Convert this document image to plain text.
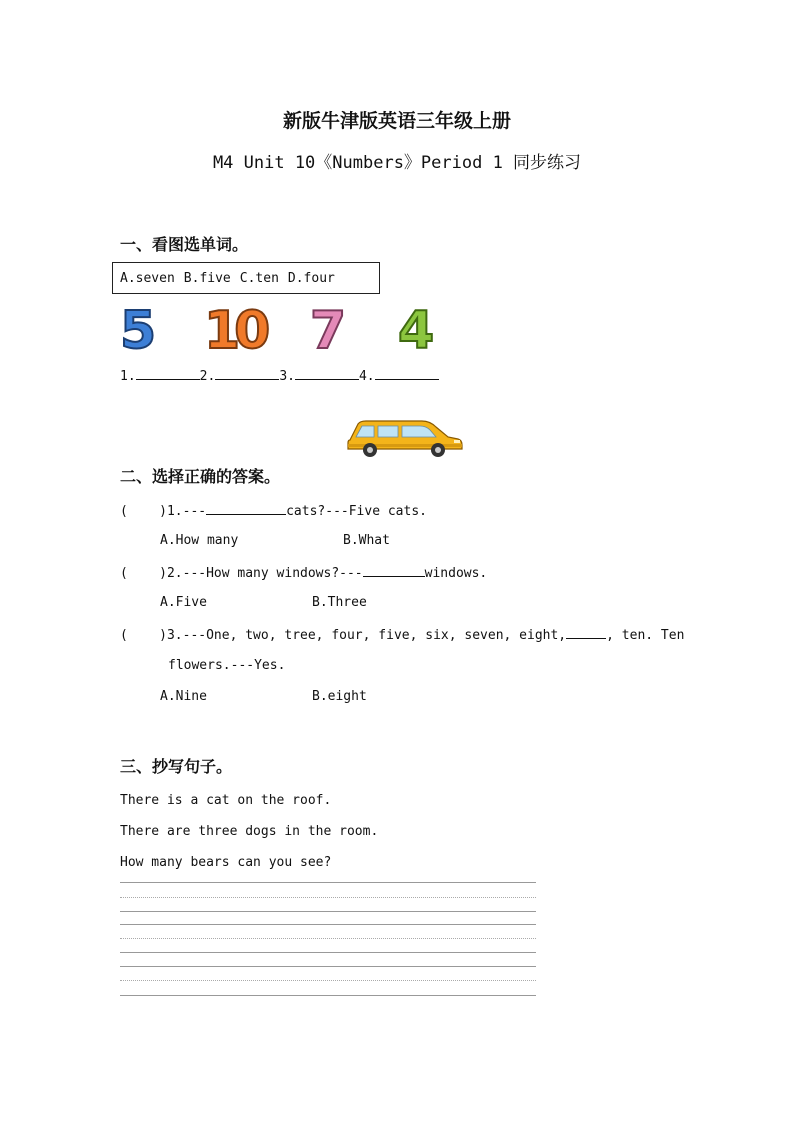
新版牛津版英语三年级上册
M4 Unit 10《Numbers》Period 1 同步练习
一、看图选单词。
A.seven B.five C.ten D.four
5 10 7 4
1.	2.	3.	4.
二、选择正确的答案。
(    )1.---	cats?---Five cats.
A.How many	B.What
(    )2.---How many windows?---	windows.
A.Five	B.Three
(    )3.---One, two, tree, four, five, six, seven, eight,	, ten. Ten
flowers.---Yes.
A.Nine	B.eight
三、抄写句子。
There is a cat on the roof.
There are three dogs in the room.
How many bears can you see?
